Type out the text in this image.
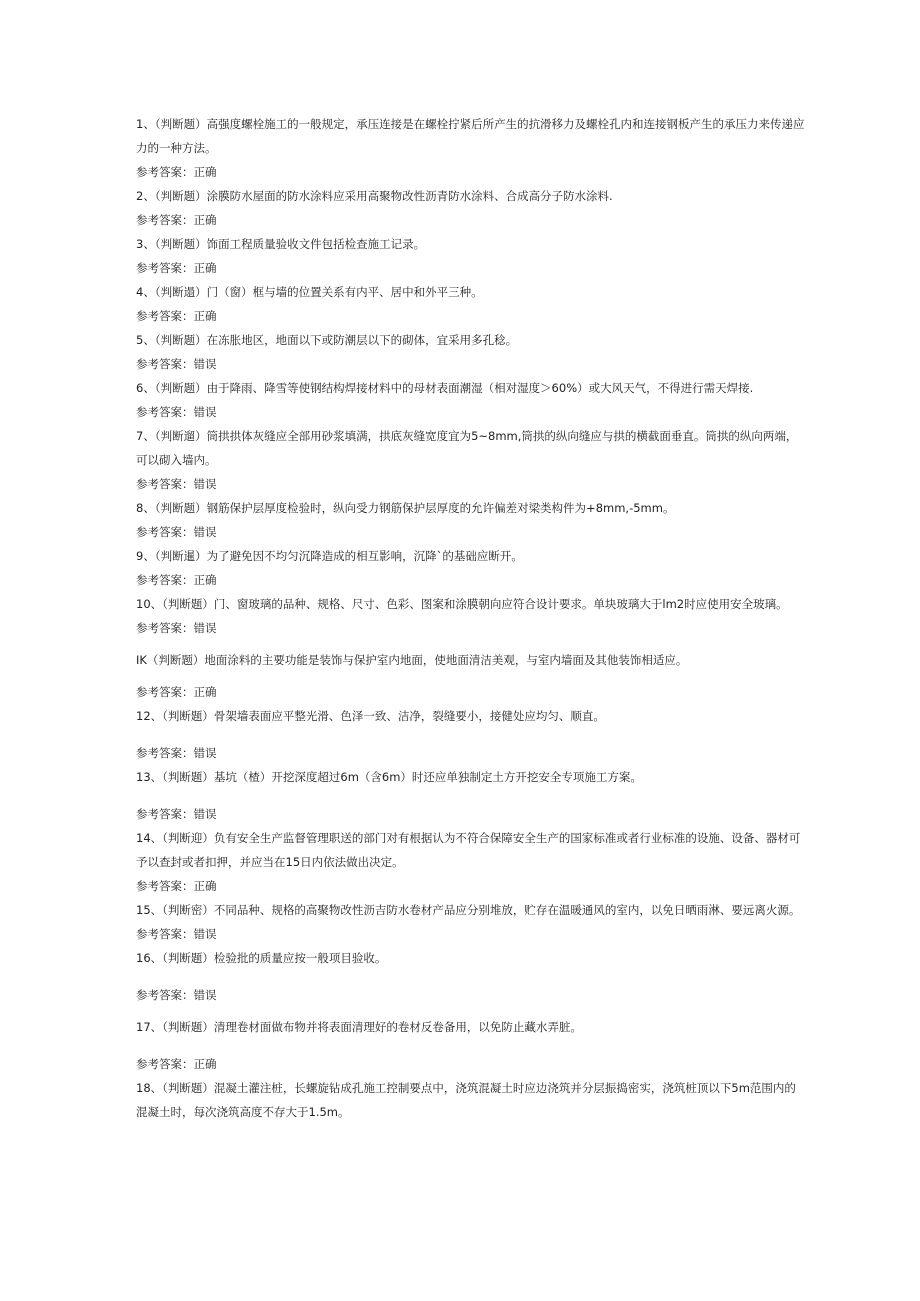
1、（判断题）高强度螺栓施工的一般规定，承压连接是在螺栓拧紧后所产生的抗滑移力及螺栓孔内和连接钢板产生的承压力来传递应力的一种方法。

参考答案：正确

2、（判断题）涂膜防水屋面的防水涂料应采用高聚物改性沥青防水涂料、合成高分子防水涂料.

参考答案：正确

3、（判断题）饰面工程质量验收文件包括检查施工记录。

参考答案：正确

4、（判断遢）门（窗）框与墙的位置关系有内平、居中和外平三种。

参考答案：正确

5、（判断题）在冻胀地区，地面以下或防潮层以下的砌体，宜采用多孔稔。

参考答案：错误

6、（判断题）由于降雨、降雪等使钢结构焊接材料中的母材表面潮湿（相对湿度＞60%）或大风天气，不得进行需天焊接.

参考答案：错误

7、（判断遛）筒拱拱体灰缝应全部用砂浆填满，拱底灰缝宽度宜为5~8mm,筒拱的纵向缝应与拱的横截面垂直。筒拱的纵向两端，可以砌入墙内。

参考答案：错误

8、（判断题）钢筋保护层厚度检验时，纵向受力钢筋保护层厚度的允许偏差对梁类构件为+8mm,-5mm。

参考答案：错误

9、（判断暹）为了避免因不均匀沉降造成的相互影响，沉降`的基础应断开。

参考答案：正确

10、（判断题）门、窗玻璃的品种、规格、尺寸、色彩、图案和涂膜朝向应符合设计要求。单块玻璃大于lm2时应使用安全玻璃。

参考答案：错误

IK（判断题）地面涂料的主要功能是装饰与保护室内地面，使地面清洁美观，与室内墙面及其他装饰相适应。

参考答案：正确

12、（判断题）骨架墙表面应平整光滑、色泽一致、洁净，裂缝要小，接健处应均匀、顺直。

参考答案：错误

13、（判断题）基坑（楂）开挖深度超过6m（含6m）时还应单独制定土方开挖安全专项施工方案。

参考答案：错误

14、（判断迎）负有安全生产监督管理职送的部门对有根据认为不符合保障安全生产的国家标准或者行业标准的设施、设备、器材可予以查封或者扣押，并应当在15日内依法做出决定。

参考答案：正确

15、（判断密）不同品种、规格的高聚物改性沥吉防水卷材产品应分别堆放，贮存在温暖通风的室内，以免日晒雨淋、要远离火源。

参考答案：错误

16、（判断题）检验批的质量应按一般项目验收。

参考答案：错误

17、（判断题）清理卷材面做布物并将表面清理好的卷材反卷备用，以免防止藏水弄脏。

参考答案：正确

18、（判断题）混凝土灌注桩，长螺旋钻成孔施工控制要点中，浇筑混凝土时应边浇筑并分层振捣密实，浇筑桩顶以下5m范围内的混凝土时，每次浇筑高度不存大于1.5m。
